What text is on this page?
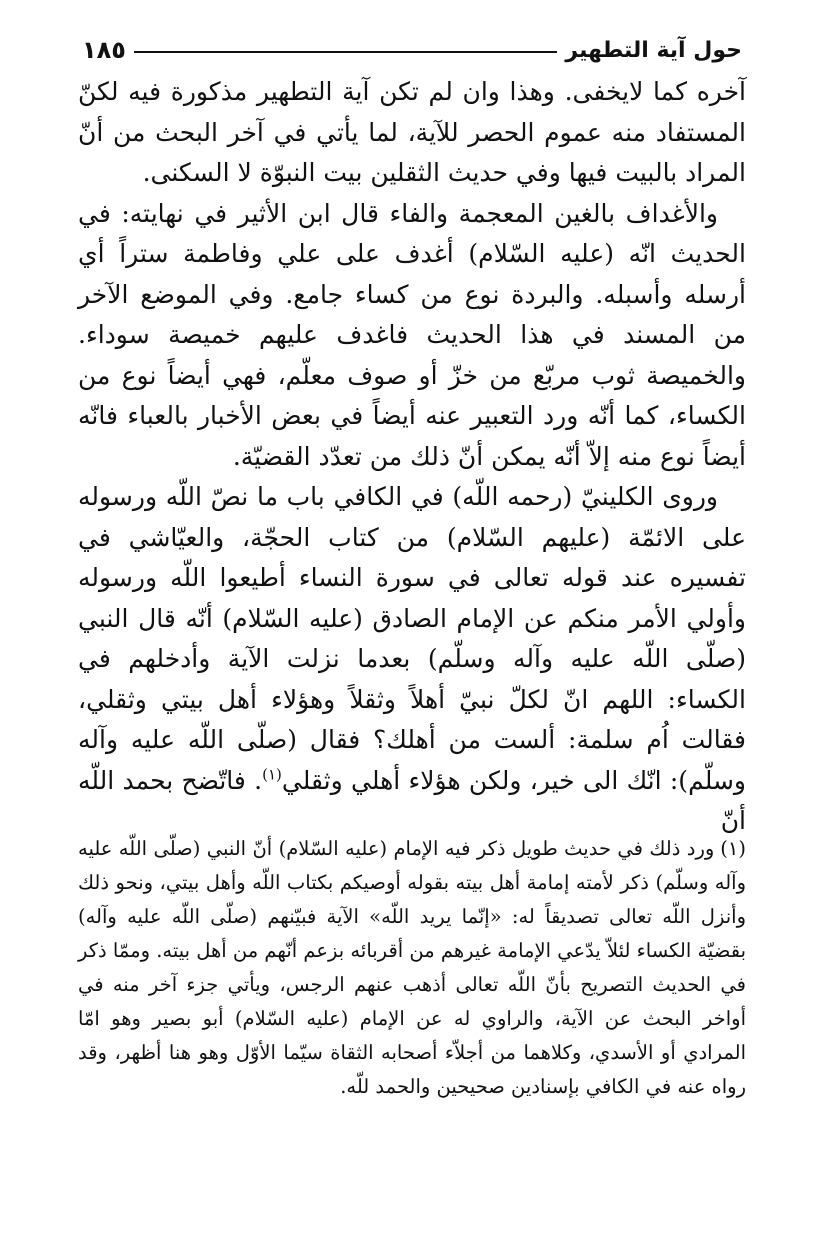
حول آية التطهير
١٨٥

آخره كما لايخفى. وهذا وان لم تكن آية التطهير مذكورة فيه لكنّ المستفاد منه عموم الحصر للآية، لما يأتي في آخر البحث من أنّ المراد بالبيت فيها وفي حديث الثقلين بيت النبوّة لا السكنى.

والأغداف بالغين المعجمة والفاء قال ابن الأثير في نهايته: في الحديث انّه (عليه السّلام) أغدف على علي وفاطمة ستراً أي أرسله وأسبله. والبردة نوع من كساء جامع. وفي الموضع الآخر من المسند في هذا الحديث فاغدف عليهم خميصة سوداء. والخميصة ثوب مربّع من خزّ أو صوف معلّم، فهي أيضاً نوع من الكساء، كما أنّه ورد التعبير عنه أيضاً في بعض الأخبار بالعباء فانّه أيضاً نوع منه إلاّ أنّه يمكن أنّ ذلك من تعدّد القضيّة.

وروى الكلينيّ (رحمه اللّه) في الكافي باب ما نصّ اللّه ورسوله على الائمّة (عليهم السّلام) من كتاب الحجّة، والعيّاشي في تفسيره عند قوله تعالى في سورة النساء أطيعوا اللّه ورسوله وأولي الأمر منكم عن الإمام الصادق (عليه السّلام) أنّه قال النبي (صلّى اللّه عليه وآله وسلّم) بعدما نزلت الآية وأدخلهم في الكساء: اللهم انّ لكلّ نبيّ أهلاً وثقلاً وهؤلاء أهل بيتي وثقلي، فقالت اُم سلمة: ألست من أهلك؟ فقال (صلّى اللّه عليه وآله وسلّم): انّك الى خير، ولكن هؤلاء أهلي وثقلي$^{(١)}$. فاتّضح بحمد اللّه أنّ

(١)ورد ذلك في حديث طويل ذكر فيه الإمام (عليه السّلام) أنّ النبي (صلّى اللّه عليه وآله وسلّم) ذكر لأمته إمامة أهل بيته بقوله أوصيكم بكتاب اللّه وأهل بيتي، ونحو ذلك وأنزل اللّه تعالى تصديقاً له: «إنّما يريد اللّه» الآية فبيّنهم (صلّى اللّه عليه وآله) بقضيّة الكساء لئلاّ يدّعي الإمامة غيرهم من أقربائه بزعم أنّهم من أهل بيته. وممّا ذكر في الحديث التصريح بأنّ اللّه تعالى أذهب عنهم الرجس، ويأتي جزء آخر منه في أواخر البحث عن الآية، والراوي له عن الإمام (عليه السّلام) أبو بصير وهو امّا المرادي أو الأسدي، وكلاهما من أجلاّء أصحابه الثقاة سيّما الأوّل وهو هنا أظهر، وقد رواه عنه في الكافي بإسنادين صحيحين والحمد للّه.
